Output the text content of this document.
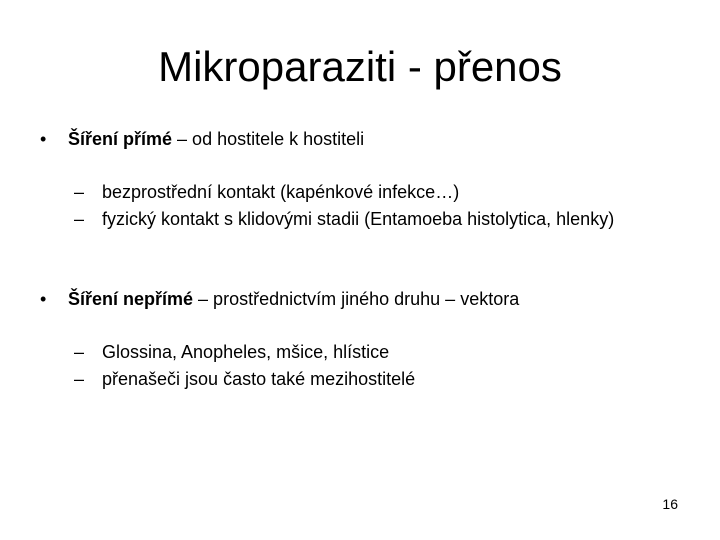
Mikroparaziti - přenos
• Šíření přímé – od hostitele k hostiteli
– bezprostřední kontakt (kapénkové infekce…)
– fyzický kontakt s klidovými stadii (Entamoeba histolytica, hlenky)
• Šíření nepřímé – prostřednictvím jiného druhu – vektora
– Glossina, Anopheles, mšice, hlístice
– přenašeči jsou často také mezihostitelé
16
